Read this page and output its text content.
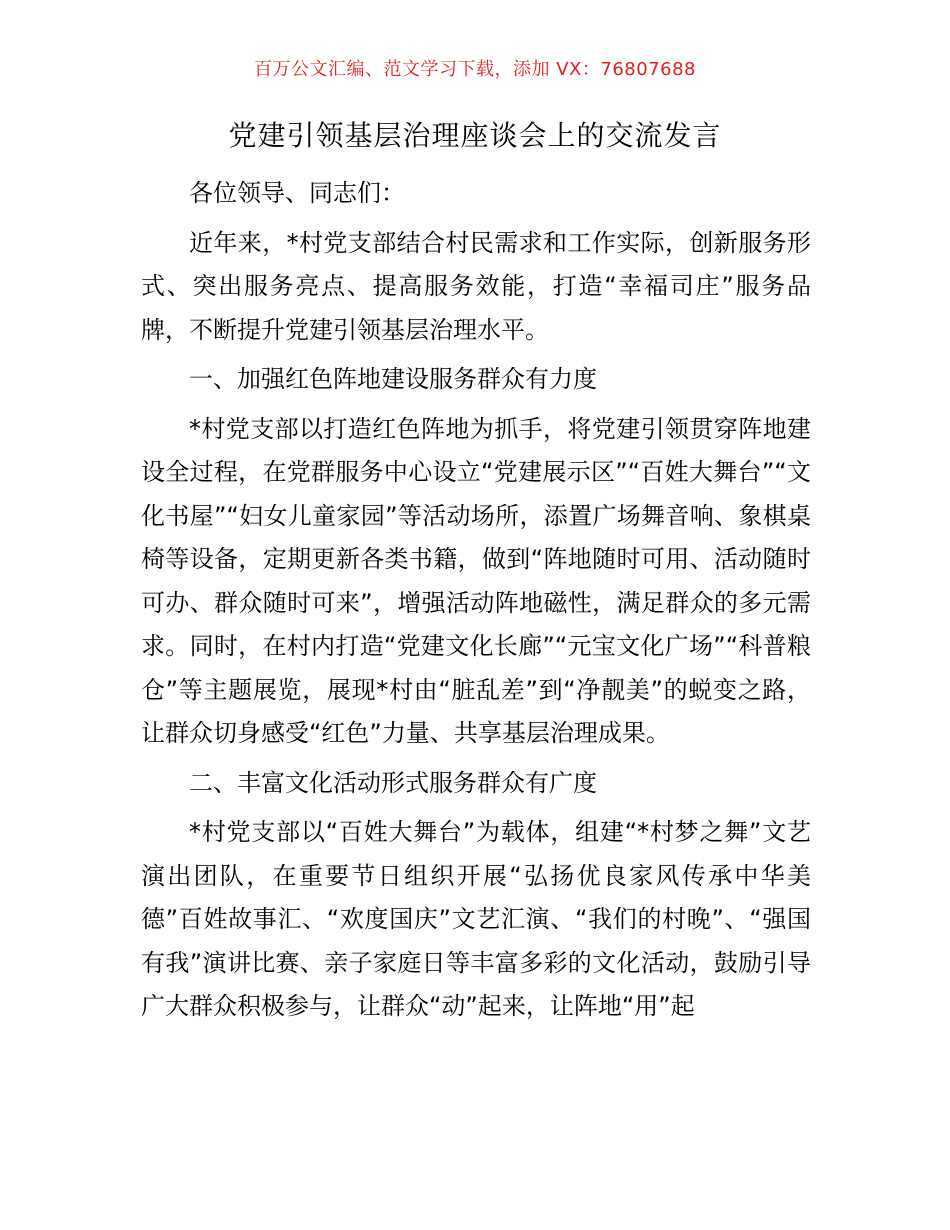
百万公文汇编、范文学习下载，添加 VX：76807688
党建引领基层治理座谈会上的交流发言

各位领导、同志们：

近年来，*村党支部结合村民需求和工作实际，创新服务形式、突出服务亮点、提高服务效能，打造“幸福司庄”服务品牌，不断提升党建引领基层治理水平。

一、加强红色阵地建设服务群众有力度

*村党支部以打造红色阵地为抓手，将党建引领贯穿阵地建设全过程，在党群服务中心设立“党建展示区”“百姓大舞台”“文化书屋”“妇女儿童家园”等活动场所，添置广场舞音响、象棋桌椅等设备，定期更新各类书籍，做到“阵地随时可用、活动随时可办、群众随时可来”，增强活动阵地磁性，满足群众的多元需求。同时，在村内打造“党建文化长廊”“元宝文化广场”“科普粮仓”等主题展览，展现*村由“脏乱差”到“净靓美”的蜕变之路，让群众切身感受“红色”力量、共享基层治理成果。

二、丰富文化活动形式服务群众有广度

*村党支部以“百姓大舞台”为载体，组建“*村梦之舞”文艺演出团队，在重要节日组织开展“弘扬优良家风传承中华美德”百姓故事汇、“欢度国庆”文艺汇演、“我们的村晚”、“强国有我”演讲比赛、亲子家庭日等丰富多彩的文化活动，鼓励引导广大群众积极参与，让群众“动”起来，让阵地“用”起
